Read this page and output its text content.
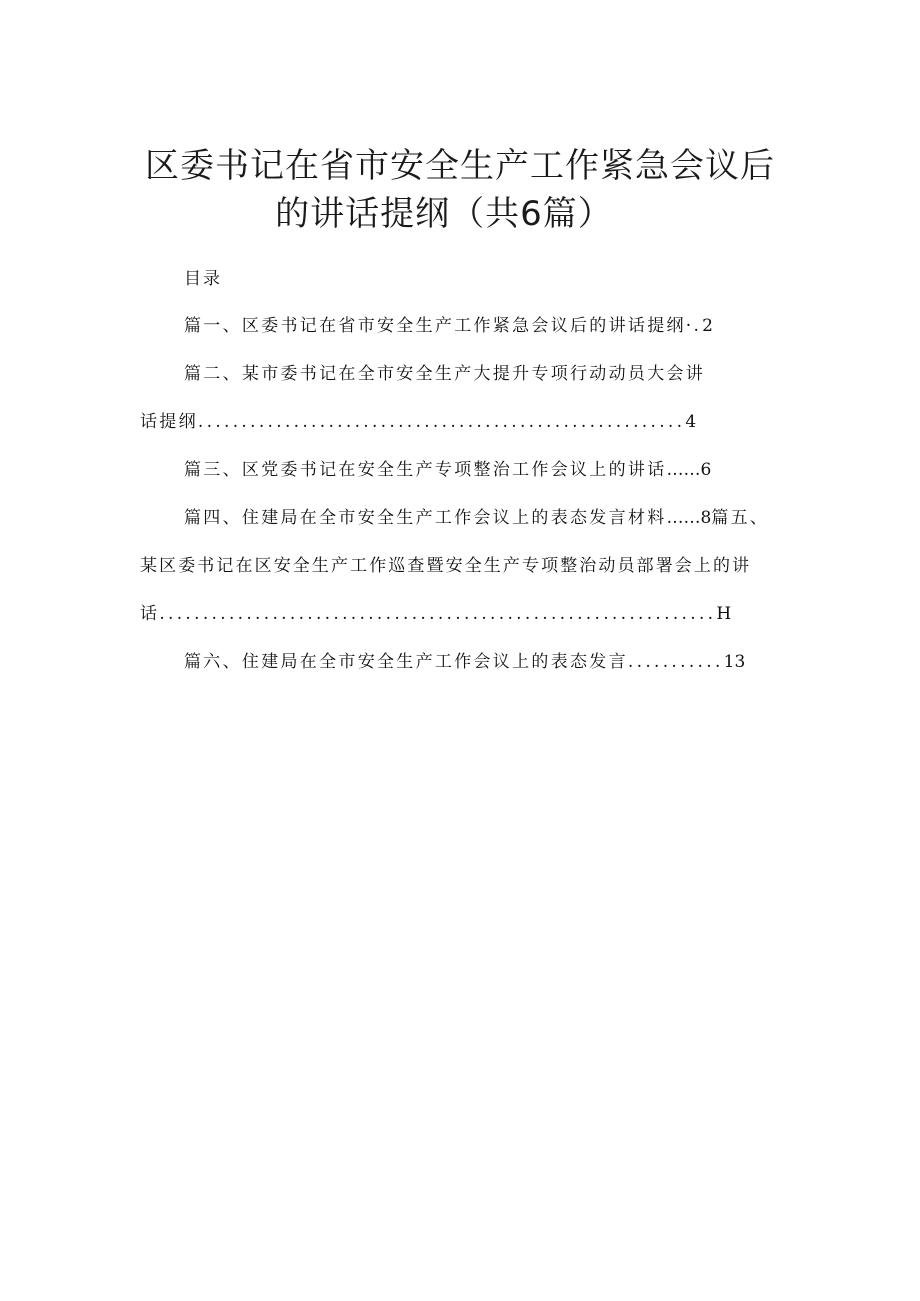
区委书记在省市安全生产工作紧急会议后
的讲话提纲（共6篇）
目录
篇一、区委书记在省市安全生产工作紧急会议后的讲话提纲·.2
篇二、某市委书记在全市安全生产大提升专项行动动员大会讲
话提纲........................................................4
篇三、区党委书记在安全生产专项整治工作会议上的讲话……6
篇四、住建局在全市安全生产工作会议上的表态发言材料……8篇五、
某区委书记在区安全生产工作巡查暨安全生产专项整治动员部署会上的讲
话................................................................H
篇六、住建局在全市安全生产工作会议上的表态发言...........13
